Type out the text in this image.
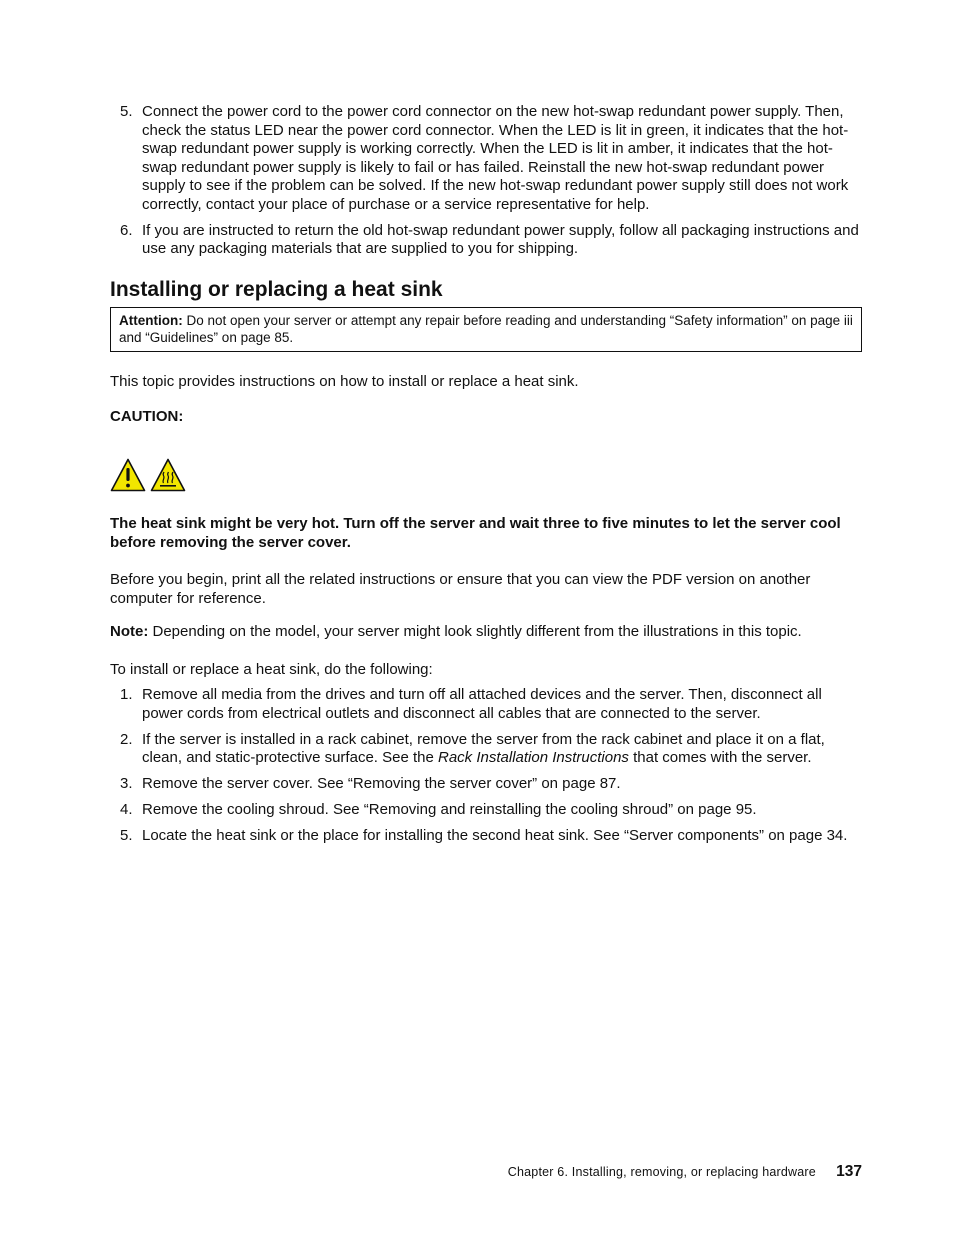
5. Connect the power cord to the power cord connector on the new hot-swap redundant power supply. Then, check the status LED near the power cord connector. When the LED is lit in green, it indicates that the hot-swap redundant power supply is working correctly. When the LED is lit in amber, it indicates that the hot-swap redundant power supply is likely to fail or has failed. Reinstall the new hot-swap redundant power supply to see if the problem can be solved. If the new hot-swap redundant power supply still does not work correctly, contact your place of purchase or a service representative for help.
6. If you are instructed to return the old hot-swap redundant power supply, follow all packaging instructions and use any packaging materials that are supplied to you for shipping.
Installing or replacing a heat sink
Attention: Do not open your server or attempt any repair before reading and understanding “Safety information” on page iii and “Guidelines” on page 85.

This topic provides instructions on how to install or replace a heat sink.

CAUTION:

The heat sink might be very hot. Turn off the server and wait three to five minutes to let the server cool before removing the server cover.

Before you begin, print all the related instructions or ensure that you can view the PDF version on another computer for reference.

Note: Depending on the model, your server might look slightly different from the illustrations in this topic.

To install or replace a heat sink, do the following:

1. Remove all media from the drives and turn off all attached devices and the server. Then, disconnect all power cords from electrical outlets and disconnect all cables that are connected to the server.
2. If the server is installed in a rack cabinet, remove the server from the rack cabinet and place it on a flat, clean, and static-protective surface. See the Rack Installation Instructions that comes with the server.
3. Remove the server cover. See “Removing the server cover” on page 87.
4. Remove the cooling shroud. See “Removing and reinstalling the cooling shroud” on page 95.
5. Locate the heat sink or the place for installing the second heat sink. See “Server components” on page 34.
Chapter 6. Installing, removing, or replacing hardware 137
